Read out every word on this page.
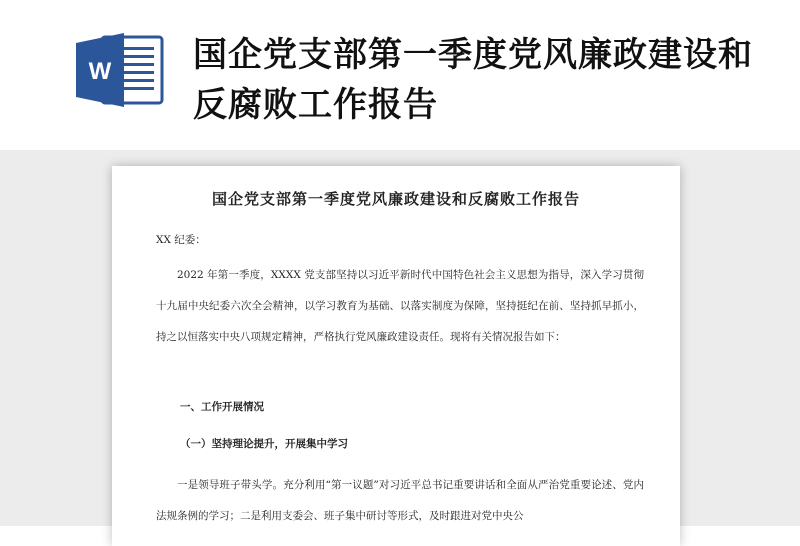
W 国企党支部第一季度党风廉政建设和反腐败工作报告
国企党支部第一季度党风廉政建设和反腐败工作报告
XX 纪委：
2022 年第一季度，XXXX 党支部坚持以习近平新时代中国特色社会主义思想为指导，深入学习贯彻十九届中央纪委六次全会精神，以学习教育为基础、以落实制度为保障，坚持挺纪在前、坚持抓早抓小，持之以恒落实中央八项规定精神，严格执行党风廉政建设责任。现将有关情况报告如下：
一、工作开展情况
（一）坚持理论提升，开展集中学习
一是领导班子带头学。充分利用“第一议题”对习近平总书记重要讲话和全面从严治党重要论述、党内法规条例的学习；二是利用支委会、班子集中研讨等形式，及时跟进对党中央公
